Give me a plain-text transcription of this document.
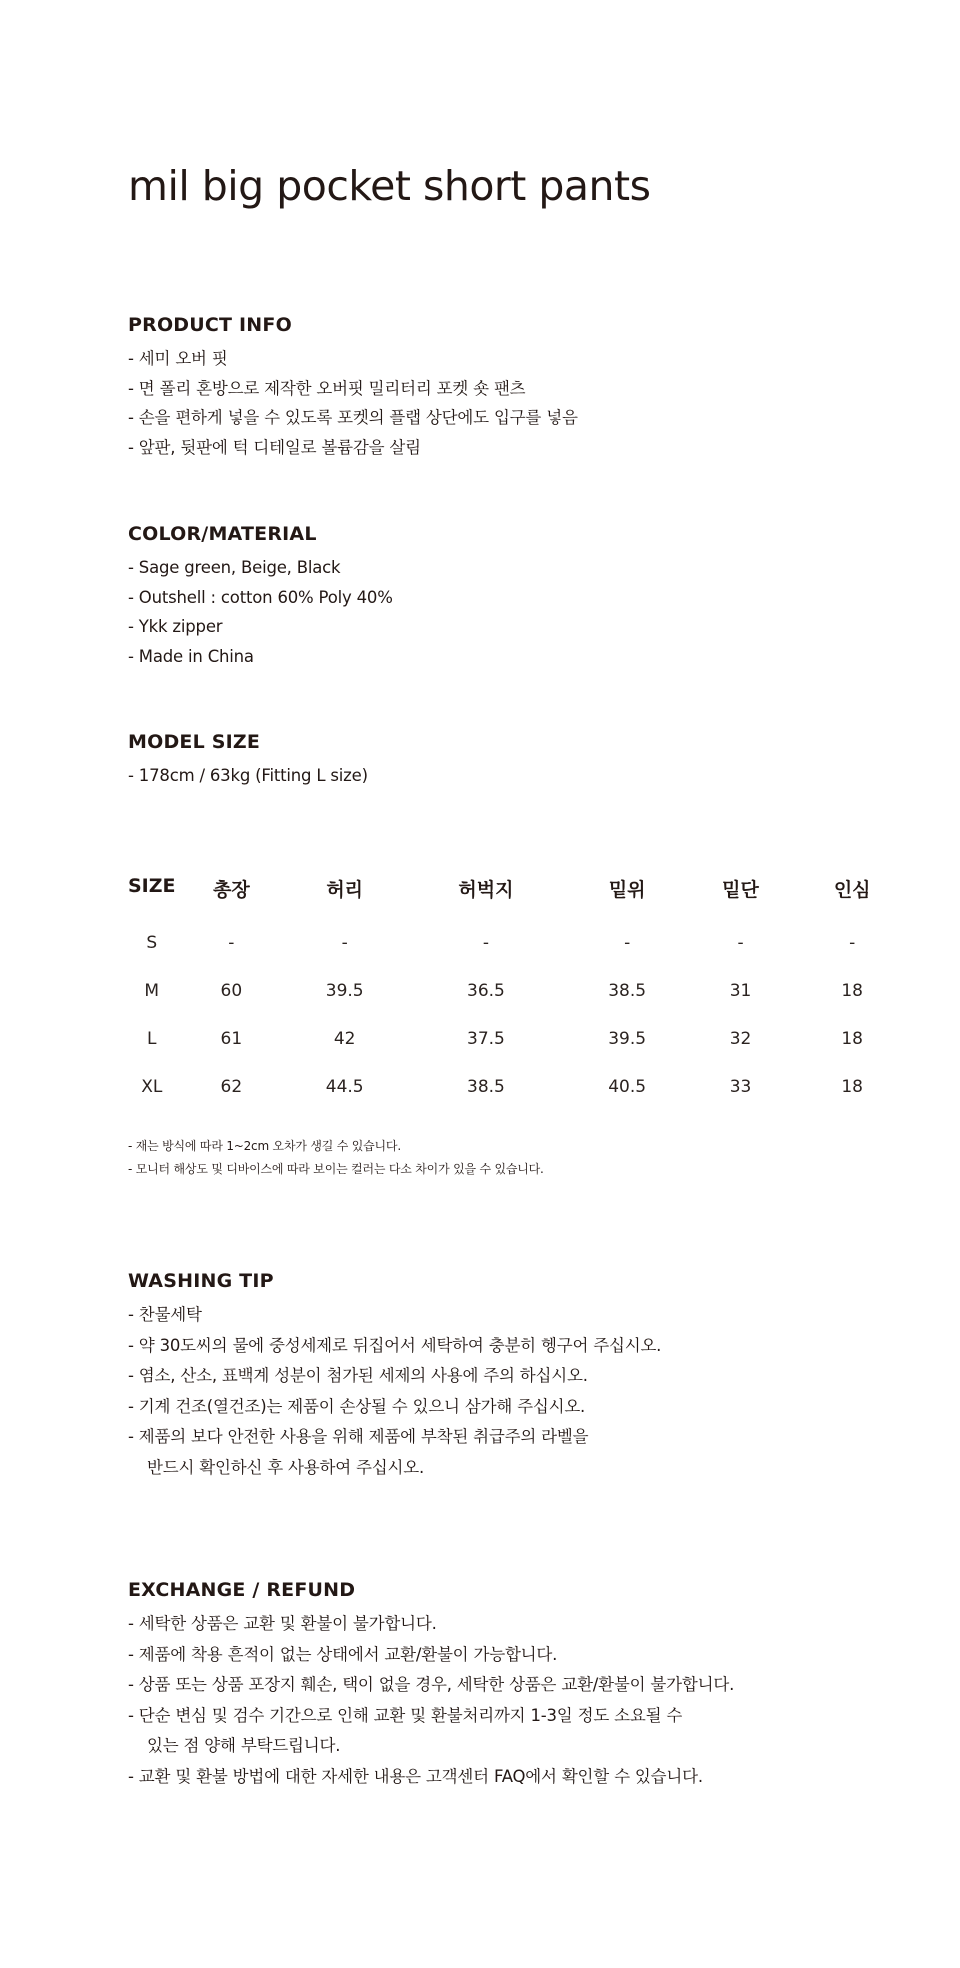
mil big pocket short pants
PRODUCT INFO
- 세미 오버 핏
- 면 폴리 혼방으로 제작한 오버핏 밀리터리 포켓 숏 팬츠
- 손을 편하게 넣을 수 있도록 포켓의 플랩 상단에도 입구를 넣음
- 앞판, 뒷판에 턱 디테일로 볼륨감을 살림
COLOR/MATERIAL
- Sage green, Beige, Black
- Outshell : cotton 60% Poly 40%
- Ykk zipper
- Made in China
MODEL SIZE
- 178cm / 63kg (Fitting L size)
SIZE	총장	허리	허벅지	밑위	밑단	인심
S	-	-	-	-	-	-
M	60	39.5	36.5	38.5	31	18
L	61	42	37.5	39.5	32	18
XL	62	44.5	38.5	40.5	33	18
- 재는 방식에 따라 1~2cm 오차가 생길 수 있습니다.
- 모니터 해상도 및 디바이스에 따라 보이는 컬러는 다소 차이가 있을 수 있습니다.
WASHING TIP
- 찬물세탁
- 약 30도씨의 물에 중성세제로 뒤집어서 세탁하여 충분히 헹구어 주십시오.
- 염소, 산소, 표백계 성분이 첨가된 세제의 사용에 주의 하십시오.
- 기계 건조(열건조)는 제품이 손상될 수 있으니 삼가해 주십시오.
- 제품의 보다 안전한 사용을 위해 제품에 부착된 취급주의 라벨을
반드시 확인하신 후 사용하여 주십시오.
EXCHANGE / REFUND
- 세탁한 상품은 교환 및 환불이 불가합니다.
- 제품에 착용 흔적이 없는 상태에서 교환/환불이 가능합니다.
- 상품 또는 상품 포장지 훼손, 택이 없을 경우, 세탁한 상품은 교환/환불이 불가합니다.
- 단순 변심 및 검수 기간으로 인해 교환 및 환불처리까지 1-3일 정도 소요될 수
있는 점 양해 부탁드립니다.
- 교환 및 환불 방법에 대한 자세한 내용은 고객센터 FAQ에서 확인할 수 있습니다.
